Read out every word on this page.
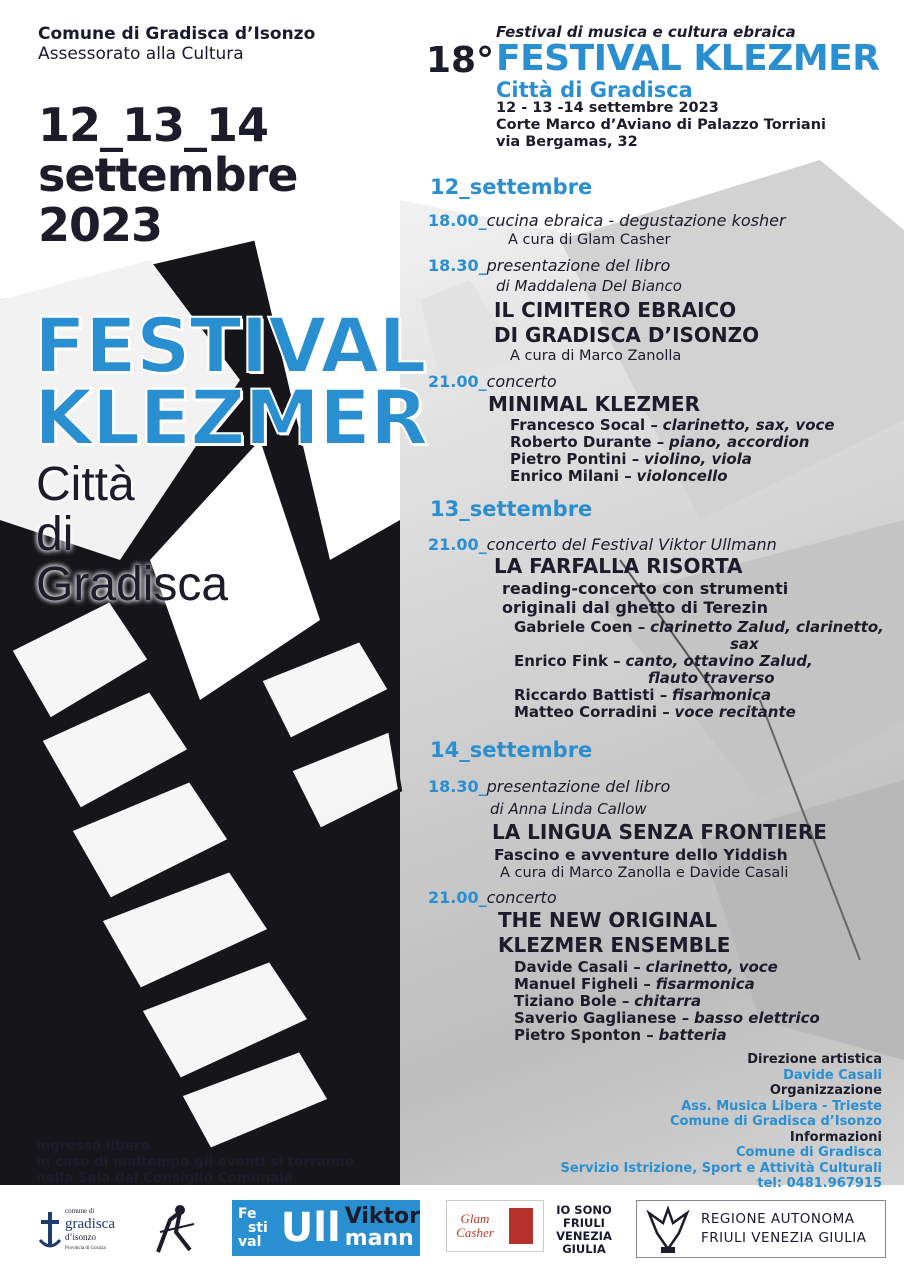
Comune di Gradisca d’Isonzo
Assessorato alla Cultura
12_13_14
settembre
2023
FESTIVAL
KLEZMER
Città
di
Gradisca
Festival di musica e cultura ebraica
18° FESTIVAL KLEZMER
Città di Gradisca
12 - 13 -14 settembre 2023
Corte Marco d’Aviano di Palazzo Torriani
via Bergamas, 32
12_settembre
18.00_cucina ebraica - degustazione kosher
A cura di Glam Casher
18.30_presentazione del libro
di Maddalena Del Bianco
IL CIMITERO EBRAICO
DI GRADISCA D’ISONZO
A cura di Marco Zanolla
21.00_concerto
MINIMAL KLEZMER
Francesco Socal – clarinetto, sax, voce
Roberto Durante – piano, accordion
Pietro Pontini – violino, viola
Enrico Milani – violoncello
13_settembre
21.00_concerto del Festival Viktor Ullmann
LA FARFALLA RISORTA
reading-concerto con strumenti
originali dal ghetto di Terezin
Gabriele Coen – clarinetto Zalud, clarinetto,
sax
Enrico Fink – canto, ottavino Zalud,
flauto traverso
Riccardo Battisti – fisarmonica
Matteo Corradini – voce recitante
14_settembre
18.30_presentazione del libro
di Anna Linda Callow
LA LINGUA SENZA FRONTIERE
Fascino e avventure dello Yiddish
A cura di Marco Zanolla e Davide Casali
21.00_concerto
THE NEW ORIGINAL
KLEZMER ENSEMBLE
Davide Casali – clarinetto, voce
Manuel Figheli – fisarmonica
Tiziano Bole – chitarra
Saverio Gaglianese – basso elettrico
Pietro Sponton – batteria
Direzione artistica
Davide Casali
Organizzazione
Ass. Musica Libera - Trieste
Comune di Gradisca d’Isonzo
Informazioni
Comune di Gradisca
Servizio Istrizione, Sport e Attività Culturali
tel: 0481.967915
ingresso libero
in caso di maltempo gli eventi si terranno
nella Sala del Consiglio Comunale
comune di
gradisca
d’isonzo
Provincia di Gorizia
Fe
sti
val Ull Viktor
mann
Glam
Casher
IO SONO
FRIULI
VENEZIA
GIULIA
REGIONE AUTONOMA
FRIULI VENEZIA GIULIA
